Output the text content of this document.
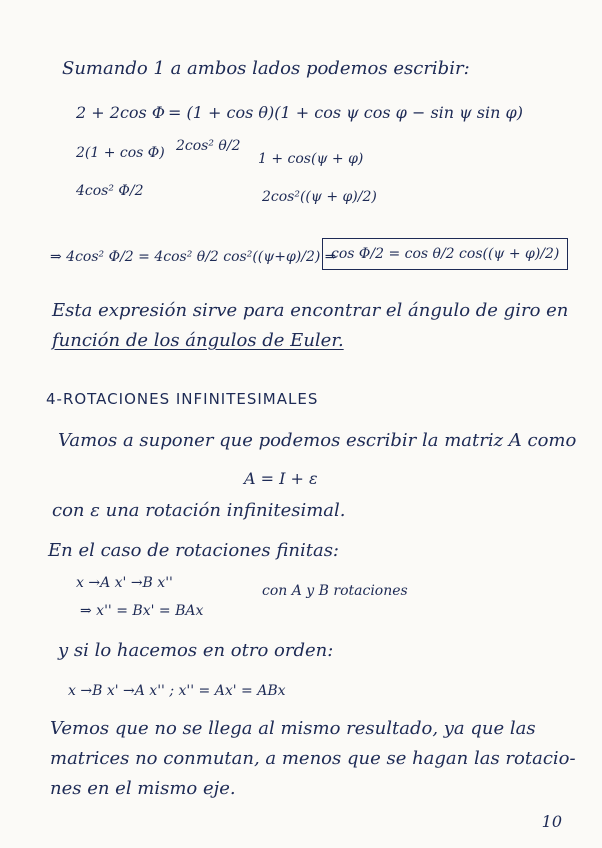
Sumando 1 a ambos lados podemos escribir:
2 + 2cos Φ = (1 + cos θ)(1 + cos ψ cos φ − sin ψ sin φ)
2(1 + cos Φ) 2cos² θ/2
1 + cos(ψ + φ)
4cos² Φ/2	2cos²((ψ + φ)/2)
⇒ 4cos² Φ/2 = 4cos² θ/2 cos²((ψ+φ)/2) ⇒
cos Φ/2 = cos θ/2 cos((ψ + φ)/2)
Esta expresión sirve para encontrar el ángulo de giro en
función de los ángulos de Euler.
4-ROTACIONES INFINITESIMALES
Vamos a suponer que podemos escribir la matriz A como
A = I + ε
con ε una rotación infinitesimal.
En el caso de rotaciones finitas:
x →A x' →B x''	con A y B rotaciones
⇒ x'' = Bx' = BAx
y si lo hacemos en otro orden:
x →B x' →A x'' ; x'' = Ax' = ABx
Vemos que no se llega al mismo resultado, ya que las
matrices no conmutan, a menos que se hagan las rotacio-
nes en el mismo eje.
10
